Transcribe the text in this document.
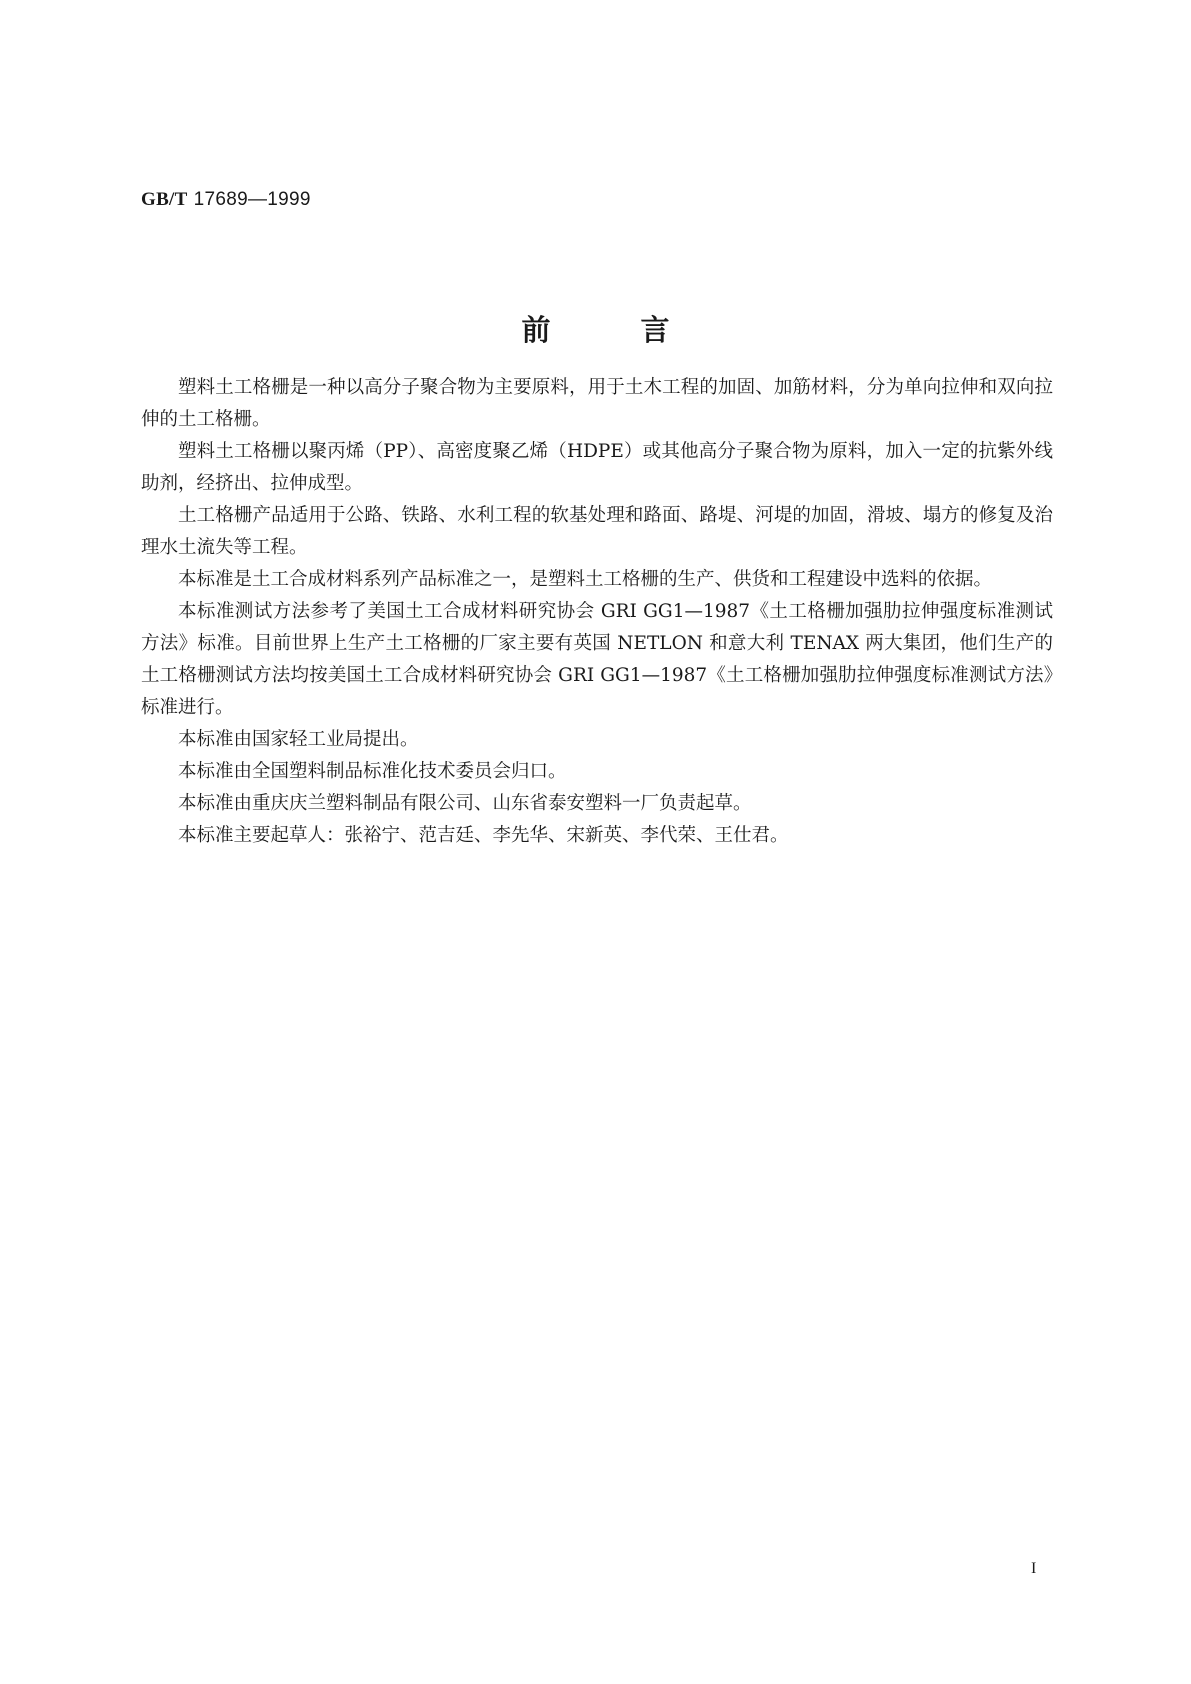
GB/T 17689—1999
前言

塑料土工格栅是一种以高分子聚合物为主要原料，用于土木工程的加固、加筋材料，分为单向拉伸和双向拉伸的土工格栅。

塑料土工格栅以聚丙烯（PP）、高密度聚乙烯（HDPE）或其他高分子聚合物为原料，加入一定的抗紫外线助剂，经挤出、拉伸成型。

土工格栅产品适用于公路、铁路、水利工程的软基处理和路面、路堤、河堤的加固，滑坡、塌方的修复及治理水土流失等工程。

本标准是土工合成材料系列产品标准之一，是塑料土工格栅的生产、供货和工程建设中选料的依据。

本标准测试方法参考了美国土工合成材料研究协会 GRI GG1—1987《土工格栅加强肋拉伸强度标准测试方法》标准。目前世界上生产土工格栅的厂家主要有英国 NETLON 和意大利 TENAX 两大集团，他们生产的土工格栅测试方法均按美国土工合成材料研究协会 GRI GG1—1987《土工格栅加强肋拉伸强度标准测试方法》标准进行。

本标准由国家轻工业局提出。

本标准由全国塑料制品标准化技术委员会归口。

本标准由重庆庆兰塑料制品有限公司、山东省泰安塑料一厂负责起草。

本标准主要起草人：张裕宁、范吉廷、李先华、宋新英、李代荣、王仕君。

I
